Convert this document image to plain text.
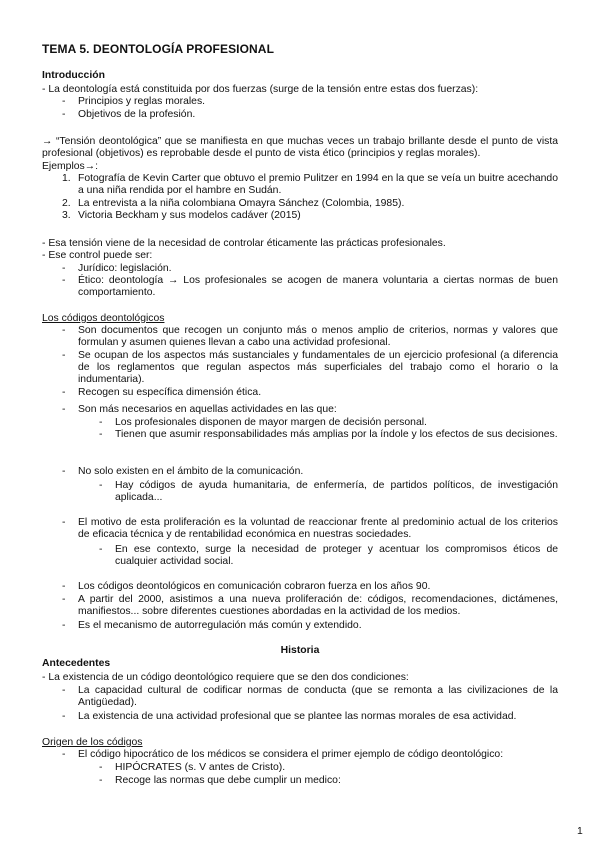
TEMA 5. DEONTOLOGÍA PROFESIONAL
Introducción
- La deontología está constituida por dos fuerzas (surge de la tensión entre estas dos fuerzas):
- Principios y reglas morales.
- Objetivos de la profesión.
→ “Tensión deontológica” que se manifiesta en que muchas veces un trabajo brillante desde el punto de vista profesional (objetivos) es reprobable desde el punto de vista ético (principios y reglas morales).
Ejemplos→:
1. Fotografía de Kevin Carter que obtuvo el premio Pulitzer en 1994 en la que se veía un buitre acechando a una niña rendida por el hambre en Sudán.
2. La entrevista a la niña colombiana Omayra Sánchez (Colombia, 1985).
3. Victoria Beckham y sus modelos cadáver (2015)
- Esa tensión viene de la necesidad de controlar éticamente las prácticas profesionales.
- Ese control puede ser:
- Jurídico: legislación.
- Ético: deontología → Los profesionales se acogen de manera voluntaria a ciertas normas de buen comportamiento.
Los códigos deontológicos
- Son documentos que recogen un conjunto más o menos amplio de criterios, normas y valores que formulan y asumen quienes llevan a cabo una actividad profesional.
- Se ocupan de los aspectos más sustanciales y fundamentales de un ejercicio profesional (a diferencia de los reglamentos que regulan aspectos más superficiales del trabajo como el horario o la indumentaria).
- Recogen su específica dimensión ética.
- Son más necesarios en aquellas actividades en las que:
- Los profesionales disponen de mayor margen de decisión personal.
- Tienen que asumir responsabilidades más amplias por la índole y los efectos de sus decisiones.
- No solo existen en el ámbito de la comunicación.
- Hay códigos de ayuda humanitaria, de enfermería, de partidos políticos, de investigación aplicada...
- El motivo de esta proliferación es la voluntad de reaccionar frente al predominio actual de los criterios de eficacia técnica y de rentabilidad económica en nuestras sociedades.
- En ese contexto, surge la necesidad de proteger y acentuar los compromisos éticos de cualquier actividad social.
- Los códigos deontológicos en comunicación cobraron fuerza en los años 90.
- A partir del 2000, asistimos a una nueva proliferación de: códigos, recomendaciones, dictámenes, manifiestos... sobre diferentes cuestiones abordadas en la actividad de los medios.
- Es el mecanismo de autorregulación más común y extendido.
Historia
Antecedentes
- La existencia de un código deontológico requiere que se den dos condiciones:
- La capacidad cultural de codificar normas de conducta (que se remonta a las civilizaciones de la Antigüedad).
- La existencia de una actividad profesional que se plantee las normas morales de esa actividad.
Origen de los códigos
- El código hipocrático de los médicos se considera el primer ejemplo de código deontológico:
- HIPÓCRATES (s. V antes de Cristo).
- Recoge las normas que debe cumplir un medico:
1
